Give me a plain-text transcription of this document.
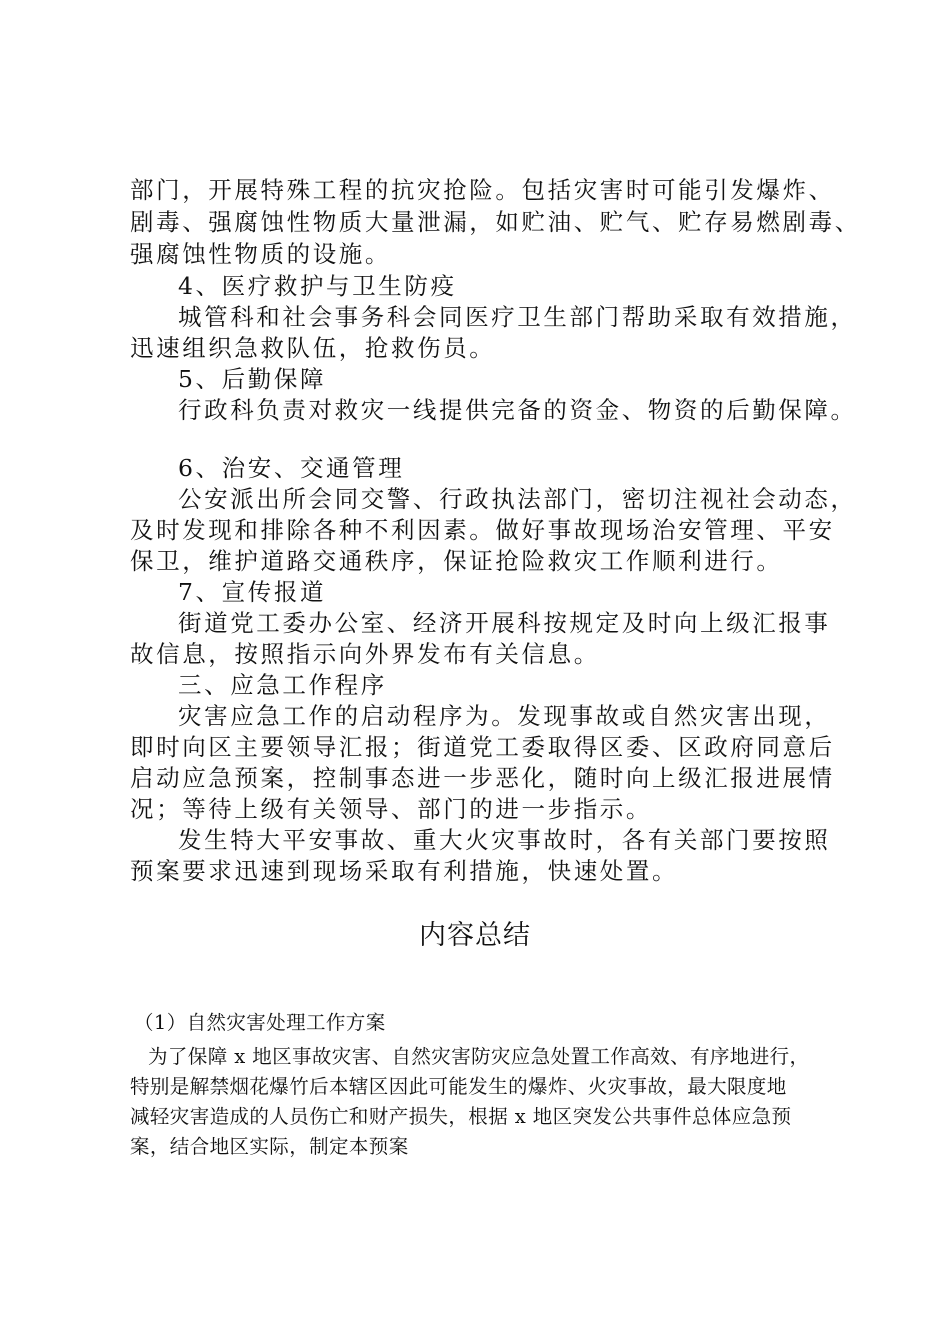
部门，开展特殊工程的抗灾抢险。包括灾害时可能引发爆炸、
剧毒、强腐蚀性物质大量泄漏，如贮油、贮气、贮存易燃剧毒、
强腐蚀性物质的设施。
4、医疗救护与卫生防疫
城管科和社会事务科会同医疗卫生部门帮助采取有效措施，
迅速组织急救队伍，抢救伤员。
5、后勤保障
行政科负责对救灾一线提供完备的资金、物资的后勤保障。
6、治安、交通管理
公安派出所会同交警、行政执法部门，密切注视社会动态，
及时发现和排除各种不利因素。做好事故现场治安管理、平安
保卫，维护道路交通秩序，保证抢险救灾工作顺利进行。
7、宣传报道
街道党工委办公室、经济开展科按规定及时向上级汇报事
故信息，按照指示向外界发布有关信息。
三、应急工作程序
灾害应急工作的启动程序为。发现事故或自然灾害出现，
即时向区主要领导汇报；街道党工委取得区委、区政府同意后
启动应急预案，控制事态进一步恶化，随时向上级汇报进展情
况；等待上级有关领导、部门的进一步指示。
发生特大平安事故、重大火灾事故时，各有关部门要按照
预案要求迅速到现场采取有利措施，快速处置。
内容总结
（1）自然灾害处理工作方案
为了保障 x 地区事故灾害、自然灾害防灾应急处置工作高效、有序地进行，
特别是解禁烟花爆竹后本辖区因此可能发生的爆炸、火灾事故，最大限度地
减轻灾害造成的人员伤亡和财产损失，根据 x 地区突发公共事件总体应急预
案，结合地区实际，制定本预案
